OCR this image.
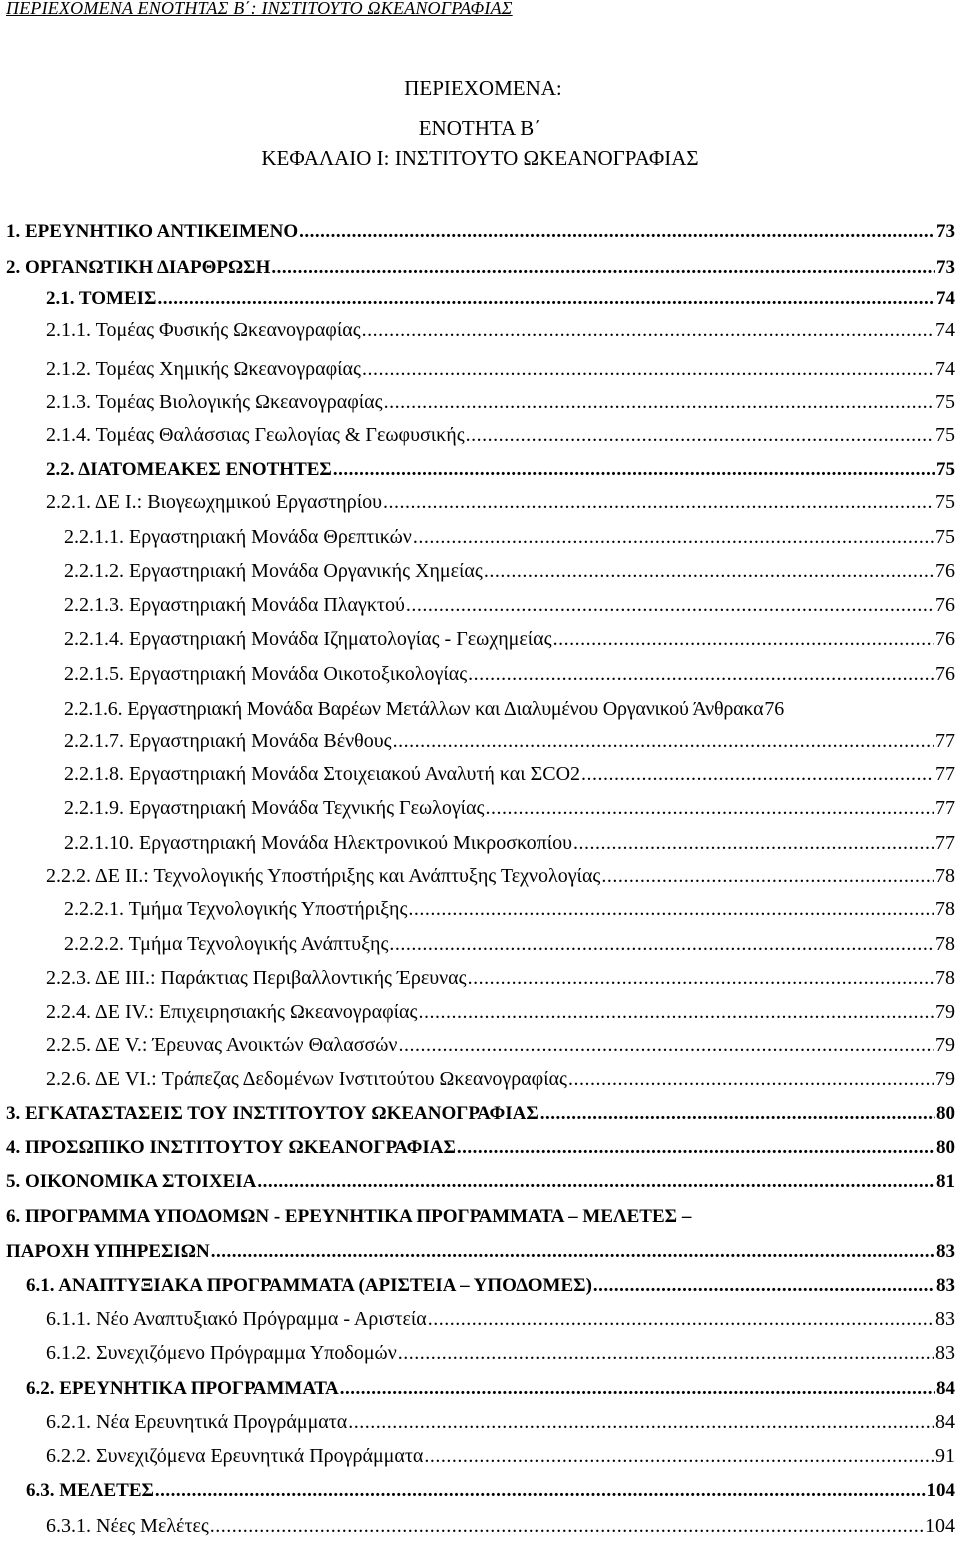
ΠΕΡΙΕΧΟΜΕΝΑ ΕΝΟΤΗΤΑΣ Β΄: ΙΝΣΤΙΤΟΥΤΟ ΩΚΕΑΝΟΓΡΑΦΙΑΣ
ΠΕΡΙΕΧΟΜΕΝΑ:
ΕΝΟΤΗΤΑ Β΄
ΚΕΦΑΛΑΙΟ Ι: ΙΝΣΤΙΤΟΥΤΟ ΩΚΕΑΝΟΓΡΑΦΙΑΣ
1. ΕΡΕΥΝΗΤΙΚΟ ΑΝΤΙΚΕΙΜΕΝΟ .....	73
2. ΟΡΓΑΝΩΤΙΚΗ ΔΙΑΡΘΡΩΣΗ .....	73
2.1. ΤΟΜΕΙΣ .....	74
2.1.1. Τομέας Φυσικής Ωκεανογραφίας .....	74
2.1.2. Τομέας Χημικής Ωκεανογραφίας .....	74
2.1.3. Τομέας Βιολογικής Ωκεανογραφίας .....	75
2.1.4. Τομέας Θαλάσσιας Γεωλογίας & Γεωφυσικής .....	75
2.2. ΔΙΑΤΟΜΕΑΚΕΣ ΕΝΟΤΗΤΕΣ .....	75
2.2.1. ΔΕ Ι.: Βιογεωχημικού Εργαστηρίου .....	75
2.2.1.1. Εργαστηριακή Μονάδα Θρεπτικών .....	75
2.2.1.2. Εργαστηριακή Μονάδα Οργανικής Χημείας .....	76
2.2.1.3. Εργαστηριακή Μονάδα Πλαγκτού .....	76
2.2.1.4. Εργαστηριακή Μονάδα Ιζηματολογίας - Γεωχημείας .....	76
2.2.1.5. Εργαστηριακή Μονάδα Οικοτοξικολογίας .....	76
2.2.1.6. Εργαστηριακή Μονάδα Βαρέων Μετάλλων και Διαλυμένου Οργανικού Άνθρακα 76
2.2.1.7. Εργαστηριακή Μονάδα Βένθους .....	77
2.2.1.8. Εργαστηριακή Μονάδα Στοιχειακού Αναλυτή και ΣCO2 .....	77
2.2.1.9. Εργαστηριακή Μονάδα Τεχνικής Γεωλογίας .....	77
2.2.1.10. Εργαστηριακή Μονάδα Ηλεκτρονικού Μικροσκοπίου .....	77
2.2.2. ΔΕ ΙΙ.: Τεχνολογικής Υποστήριξης και Ανάπτυξης Τεχνολογίας .....	78
2.2.2.1. Τμήμα Τεχνολογικής Υποστήριξης .....	78
2.2.2.2. Τμήμα Τεχνολογικής Ανάπτυξης .....	78
2.2.3. ΔΕ ΙΙΙ.: Παράκτιας Περιβαλλοντικής Έρευνας .....	78
2.2.4. ΔΕ IV.: Επιχειρησιακής Ωκεανογραφίας .....	79
2.2.5. ΔΕ V.: Έρευνας Ανοικτών Θαλασσών .....	79
2.2.6. ΔΕ VI.: Τράπεζας Δεδομένων Ινστιτούτου Ωκεανογραφίας .....	79
3. ΕΓΚΑΤΑΣΤΑΣΕΙΣ ΤΟΥ ΙΝΣΤΙΤΟΥΤΟΥ ΩΚΕΑΝΟΓΡΑΦΙΑΣ .....	80
4. ΠΡΟΣΩΠΙΚΟ ΙΝΣΤΙΤΟΥΤΟΥ ΩΚΕΑΝΟΓΡΑΦΙΑΣ .....	80
5. ΟΙΚΟΝΟΜΙΚΑ ΣΤΟΙΧΕΙΑ .....	81
6. ΠΡΟΓΡΑΜΜΑ ΥΠΟΔΟΜΩΝ - ΕΡΕΥΝΗΤΙΚΑ ΠΡΟΓΡΑΜΜΑΤΑ – ΜΕΛΕΤΕΣ –
ΠΑΡΟΧΗ ΥΠΗΡΕΣΙΩΝ .....	83
6.1. ΑΝΑΠΤΥΞΙΑΚΑ ΠΡΟΓΡΑΜΜΑΤΑ (ΑΡΙΣΤΕΙΑ – ΥΠΟΔΟΜΕΣ) .....	83
6.1.1. Νέο Αναπτυξιακό Πρόγραμμα - Αριστεία .....	83
6.1.2. Συνεχιζόμενο Πρόγραμμα Υποδομών .....	83
6.2. ΕΡΕΥΝΗΤΙΚΑ ΠΡΟΓΡΑΜΜΑΤΑ .....	84
6.2.1. Νέα Ερευνητικά Προγράμματα .....	84
6.2.2. Συνεχιζόμενα Ερευνητικά Προγράμματα .....	91
6.3. ΜΕΛΕΤΕΣ .....	104
6.3.1. Νέες Μελέτες .....	104
